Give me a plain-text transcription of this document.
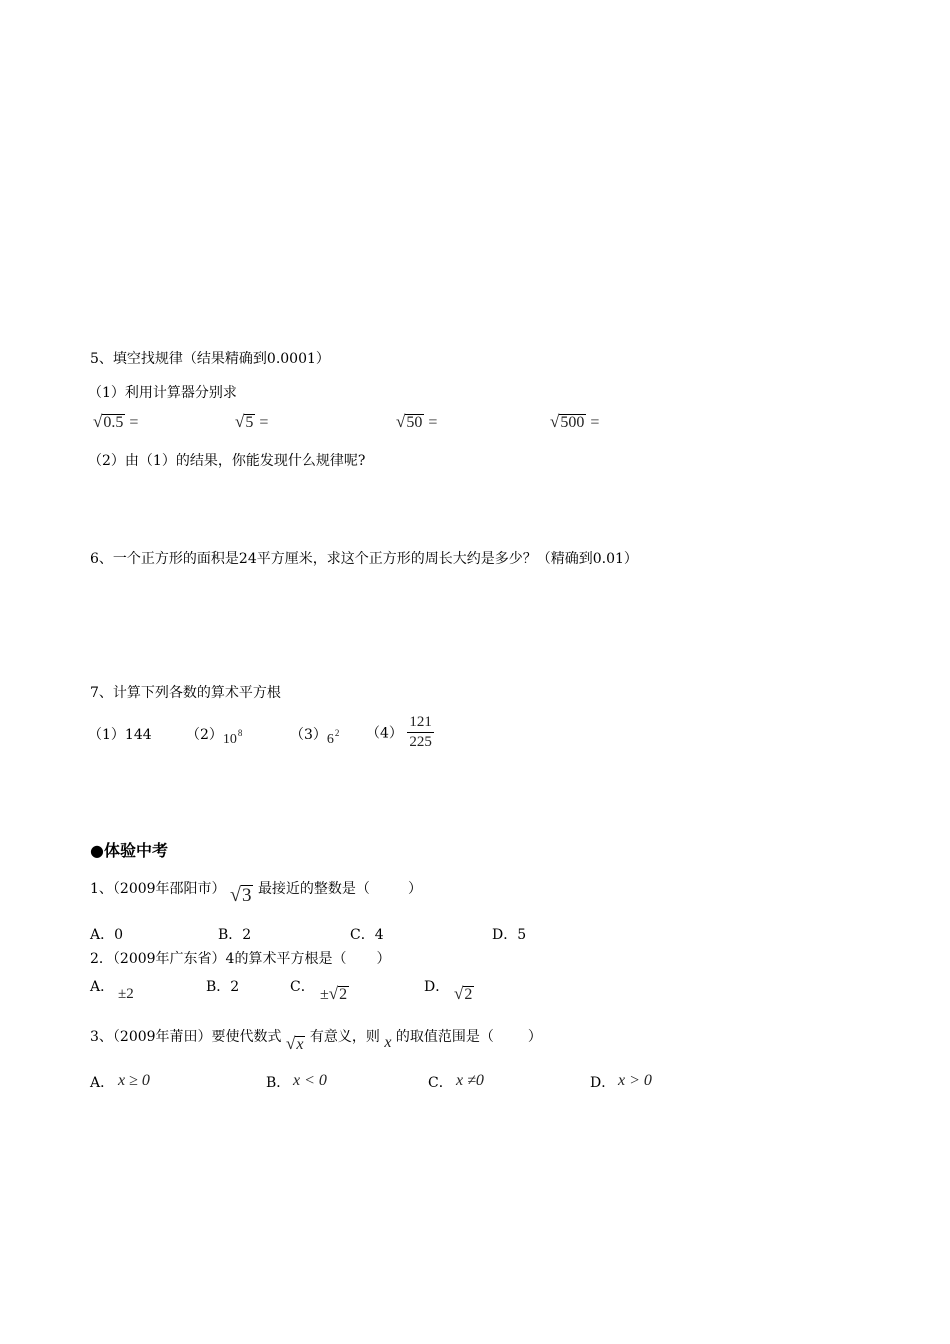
5、填空找规律（结果精确到0.0001）
（1）利用计算器分别求
√0.5 =	√5 =	√50 =	√500 =
（2）由（1）的结果，你能发现什么规律呢?
6、一个正方形的面积是24平方厘米，求这个正方形的周长大约是多少？（精确到0.01）
7、计算下列各数的算术平方根
（1）144 $(2)10^8$	$(3)6^2$ $(4) \frac{121}{225}$
●体验中考
1、（2009年邵阳市） √3 最接近的整数是（	）
A．0	B．2	C．4	D．5
2．（2009年广东省）4的算术平方根是（ ）
A． ±2	B．2	C． ±√2	D． √2
3、（2009年莆田）要使代数式 √x 有意义，则 x 的取值范围是（ ）
A． x ≥ 0	B． x < 0	C． x ≠0	D． x > 0
